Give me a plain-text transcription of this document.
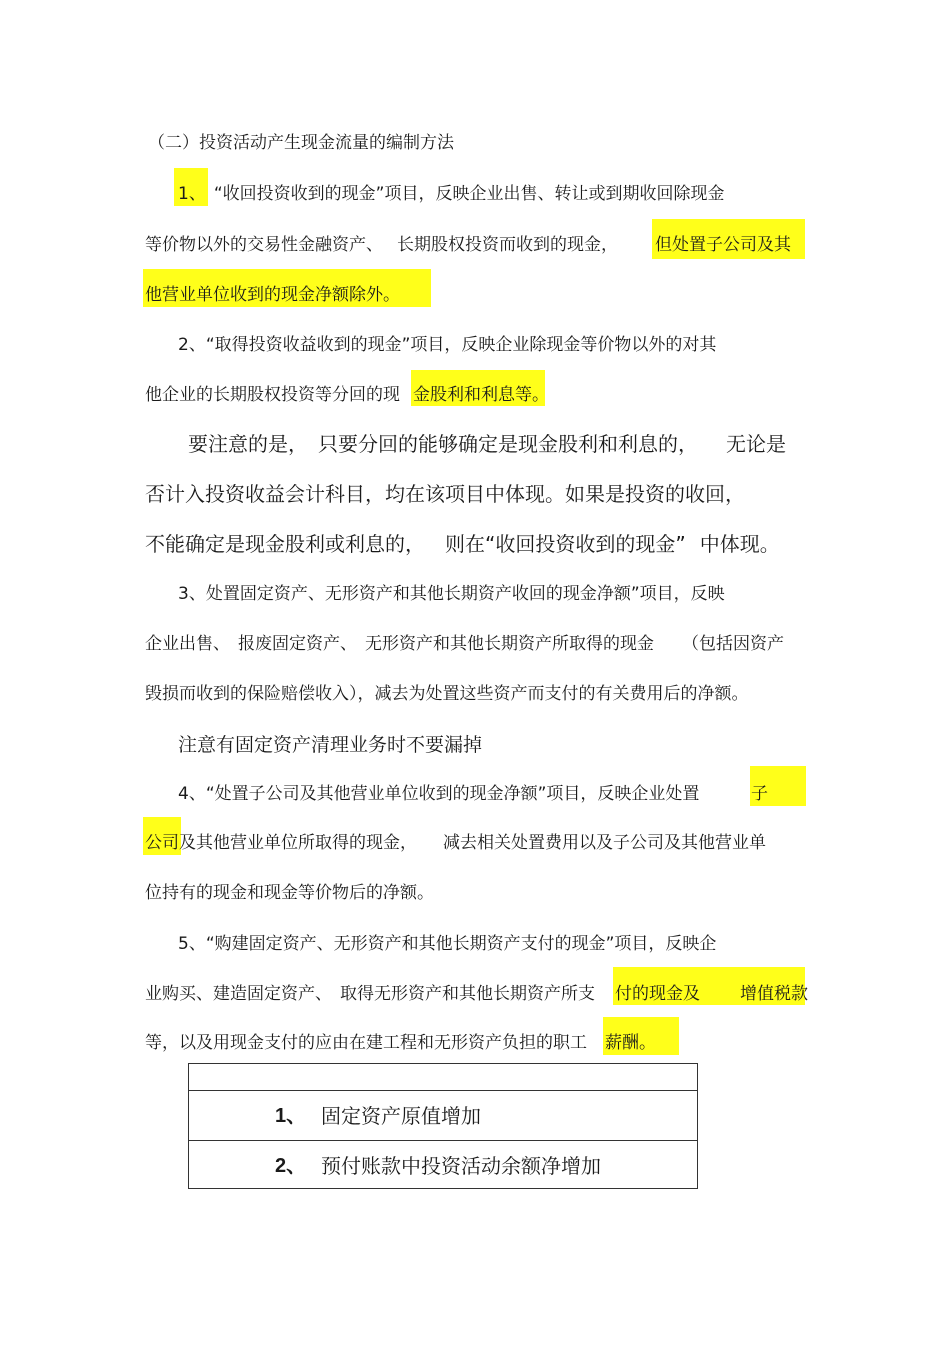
（二）投资活动产生现金流量的编制方法
1、 “收回投资收到的现金”项目，反映企业出售、转让或到期收回除现金
等价物以外的交易性金融资产、 长期股权投资而收到的现金， 但处置子公司及其
他营业单位收到的现金净额除外。
2、“取得投资收益收到的现金”项目，反映企业除现金等价物以外的对其
他企业的长期股权投资等分回的现 金股利和利息等。
要注意的是， 只要分回的能够确定是现金股利和利息的， 无论是
否计入投资收益会计科目，均在该项目中体现。如果是投资的收回，
不能确定是现金股利或利息的， 则在“收回投资收到的现金” 中体现。
3、处置固定资产、无形资产和其他长期资产收回的现金净额”项目，反映
企业出售、 报废固定资产、 无形资产和其他长期资产所取得的现金 （包括因资产
毁损而收到的保险赔偿收入），减去为处置这些资产而支付的有关费用后的净额。
注意有固定资产清理业务时不要漏掉
4、“处置子公司及其他营业单位收到的现金净额”项目，反映企业处置	子
公司及其他营业单位所取得的现金， 减去相关处置费用以及子公司及其他营业单
位持有的现金和现金等价物后的净额。
5、“购建固定资产、无形资产和其他长期资产支付的现金”项目，反映企
业购买、建造固定资产、 取得无形资产和其他长期资产所支 付的现金及 增值税款
等，以及用现金支付的应由在建工程和无形资产负担的职工 薪酬。
1、 固定资产原值增加
2、 预付账款中投资活动余额净增加
